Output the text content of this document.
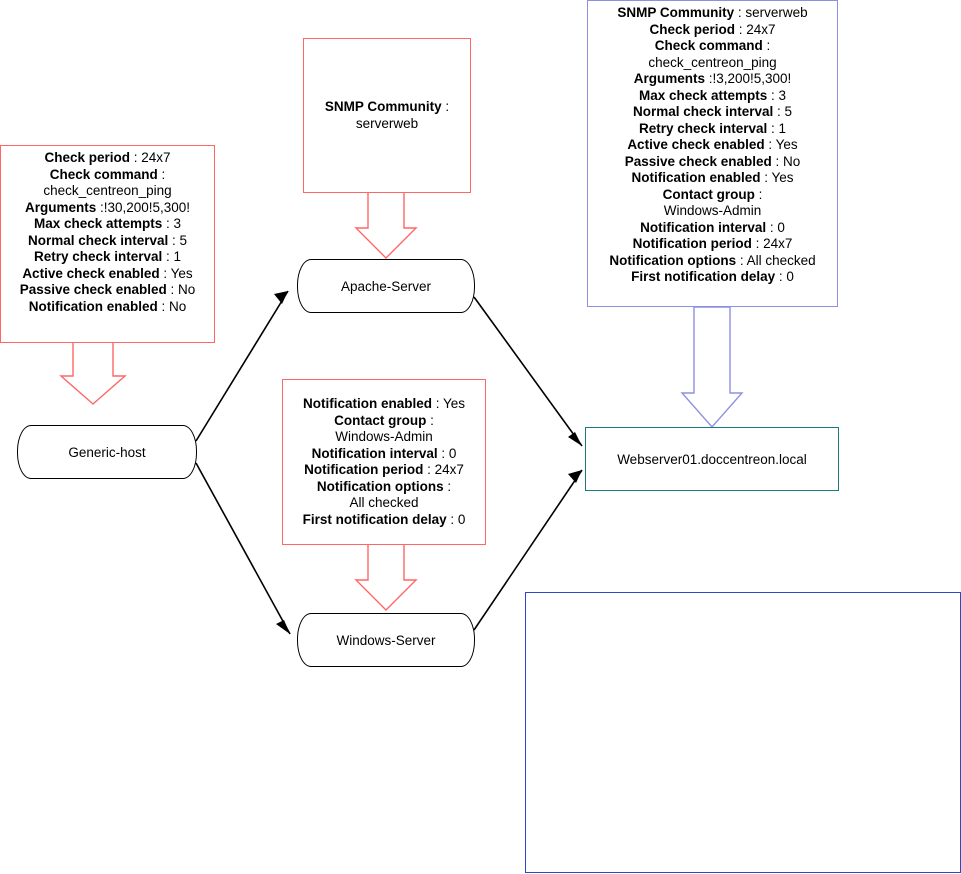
Check period : 24x7
Check command :
check_centreon_ping
Arguments :!30,200!5,300!
Max check attempts : 3
Normal check interval : 5
Retry check interval : 1
Active check enabled : Yes
Passive check enabled : No
Notification enabled : No
SNMP Community :
serverweb
Notification enabled : Yes
Contact group :
Windows-Admin
Notification interval : 0
Notification period : 24x7
Notification options :
All checked
First notification delay : 0
SNMP Community : serverweb
Check period : 24x7
Check command :
check_centreon_ping
Arguments :!3,200!5,300!
Max check attempts : 3
Normal check interval : 5
Retry check interval : 1
Active check enabled : Yes
Passive check enabled : No
Notification enabled : Yes
Contact group :
Windows-Admin
Notification interval : 0
Notification period : 24x7
Notification options : All checked
First notification delay : 0
Generic-host
Apache-Server
Windows-Server
Webserver01.doccentreon.local
